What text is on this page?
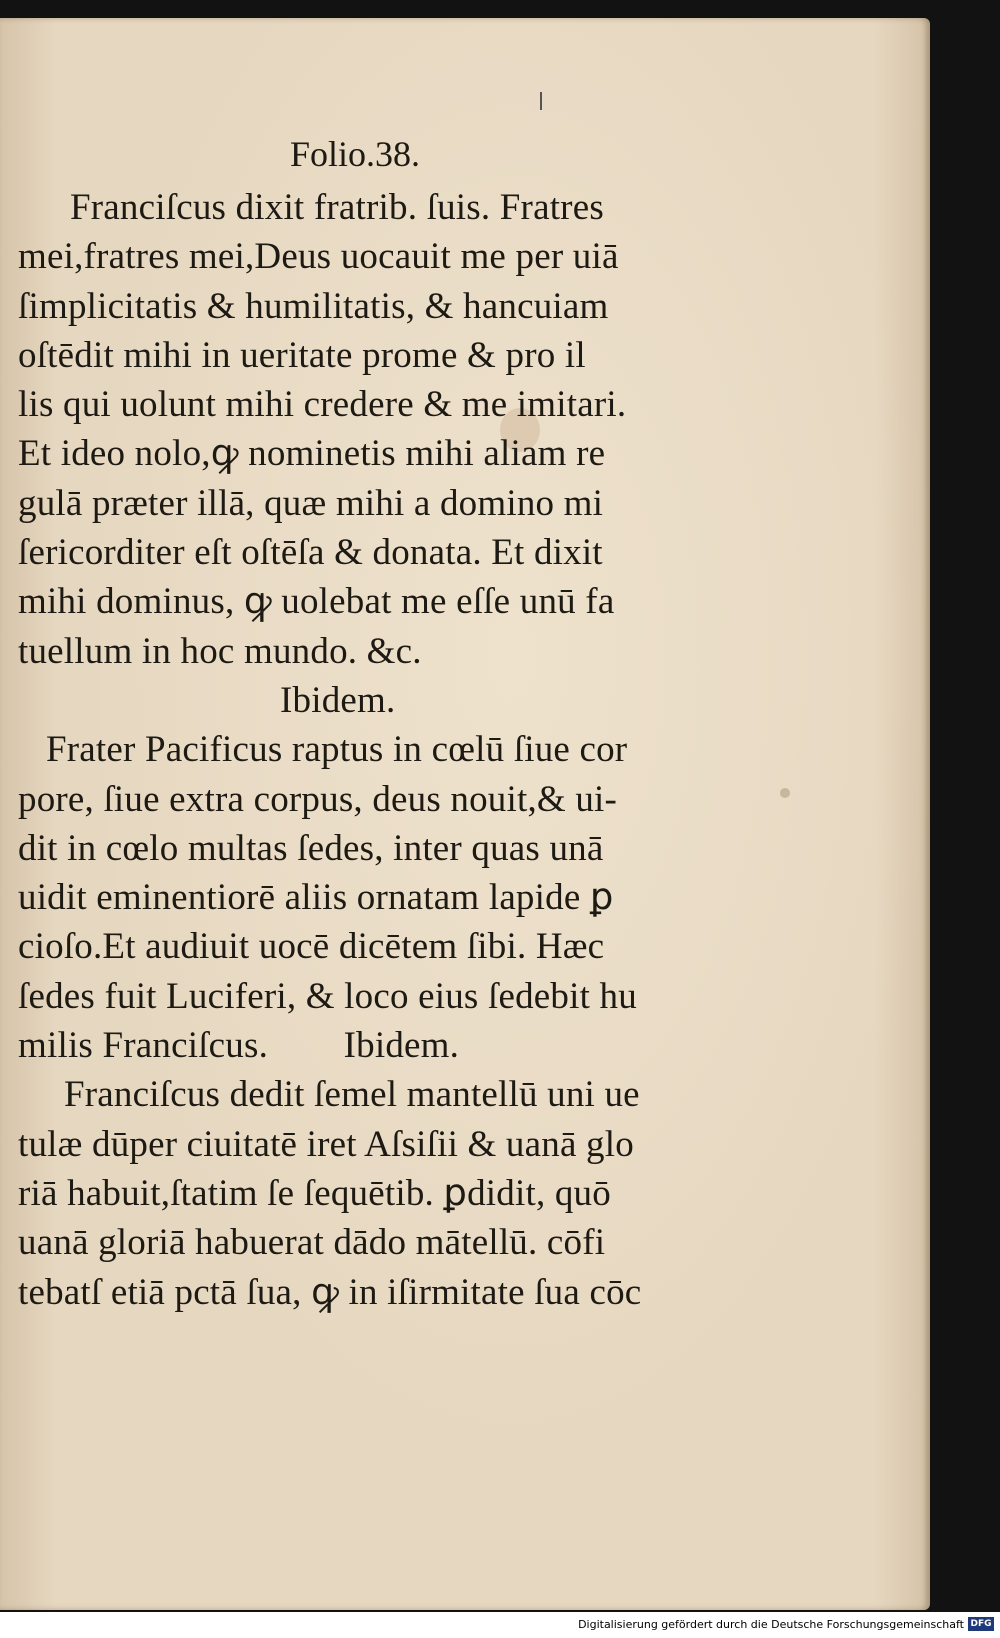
Folio.38.
Franciſcus dixit fratrib. ſuis. Fratres
mei,fratres mei,Deus uocauit me per uiā
ſimplicitatis & humilitatis, & hancuiam
oſtēdit mihi in ueritate prome & pro il
lis qui uolunt mihi credere & me imitari.
Et ideo nolo,ꝙ nominetis mihi aliam re
gulā præter illā, quæ mihi a domino mi
ſericorditer eſt oſtēſa & donata. Et dixit
mihi dominus, ꝙ uolebat me eſſe unū fa
tuellum in hoc mundo. &c.
Ibidem.
Frater Pacificus raptus in cœlū ſiue cor
pore, ſiue extra corpus, deus nouit,& ui-
dit in cœlo multas ſedes, inter quas unā
uidit eminentiorē aliis ornatam lapide ꝑ
cioſo.Et audiuit uocē dicētem ſibi. Hæc
ſedes fuit Luciferi, & loco eius ſedebit hu
milis Franciſcus.        Ibidem.
Franciſcus dedit ſemel mantellū uni ue
tulæ dūper ciuitatē iret Aſsiſii & uanā glo
riā habuit,ſtatim ſe ſequētib. ꝑdidit, quō
uanā gloriā habuerat dādo mātellū. cōfi
tebatſ etiā pctā ſua, ꝙ in iſirmitate ſua cōc
Digitalisierung gefördert durch die Deutsche Forschungsgemeinschaft DFG
